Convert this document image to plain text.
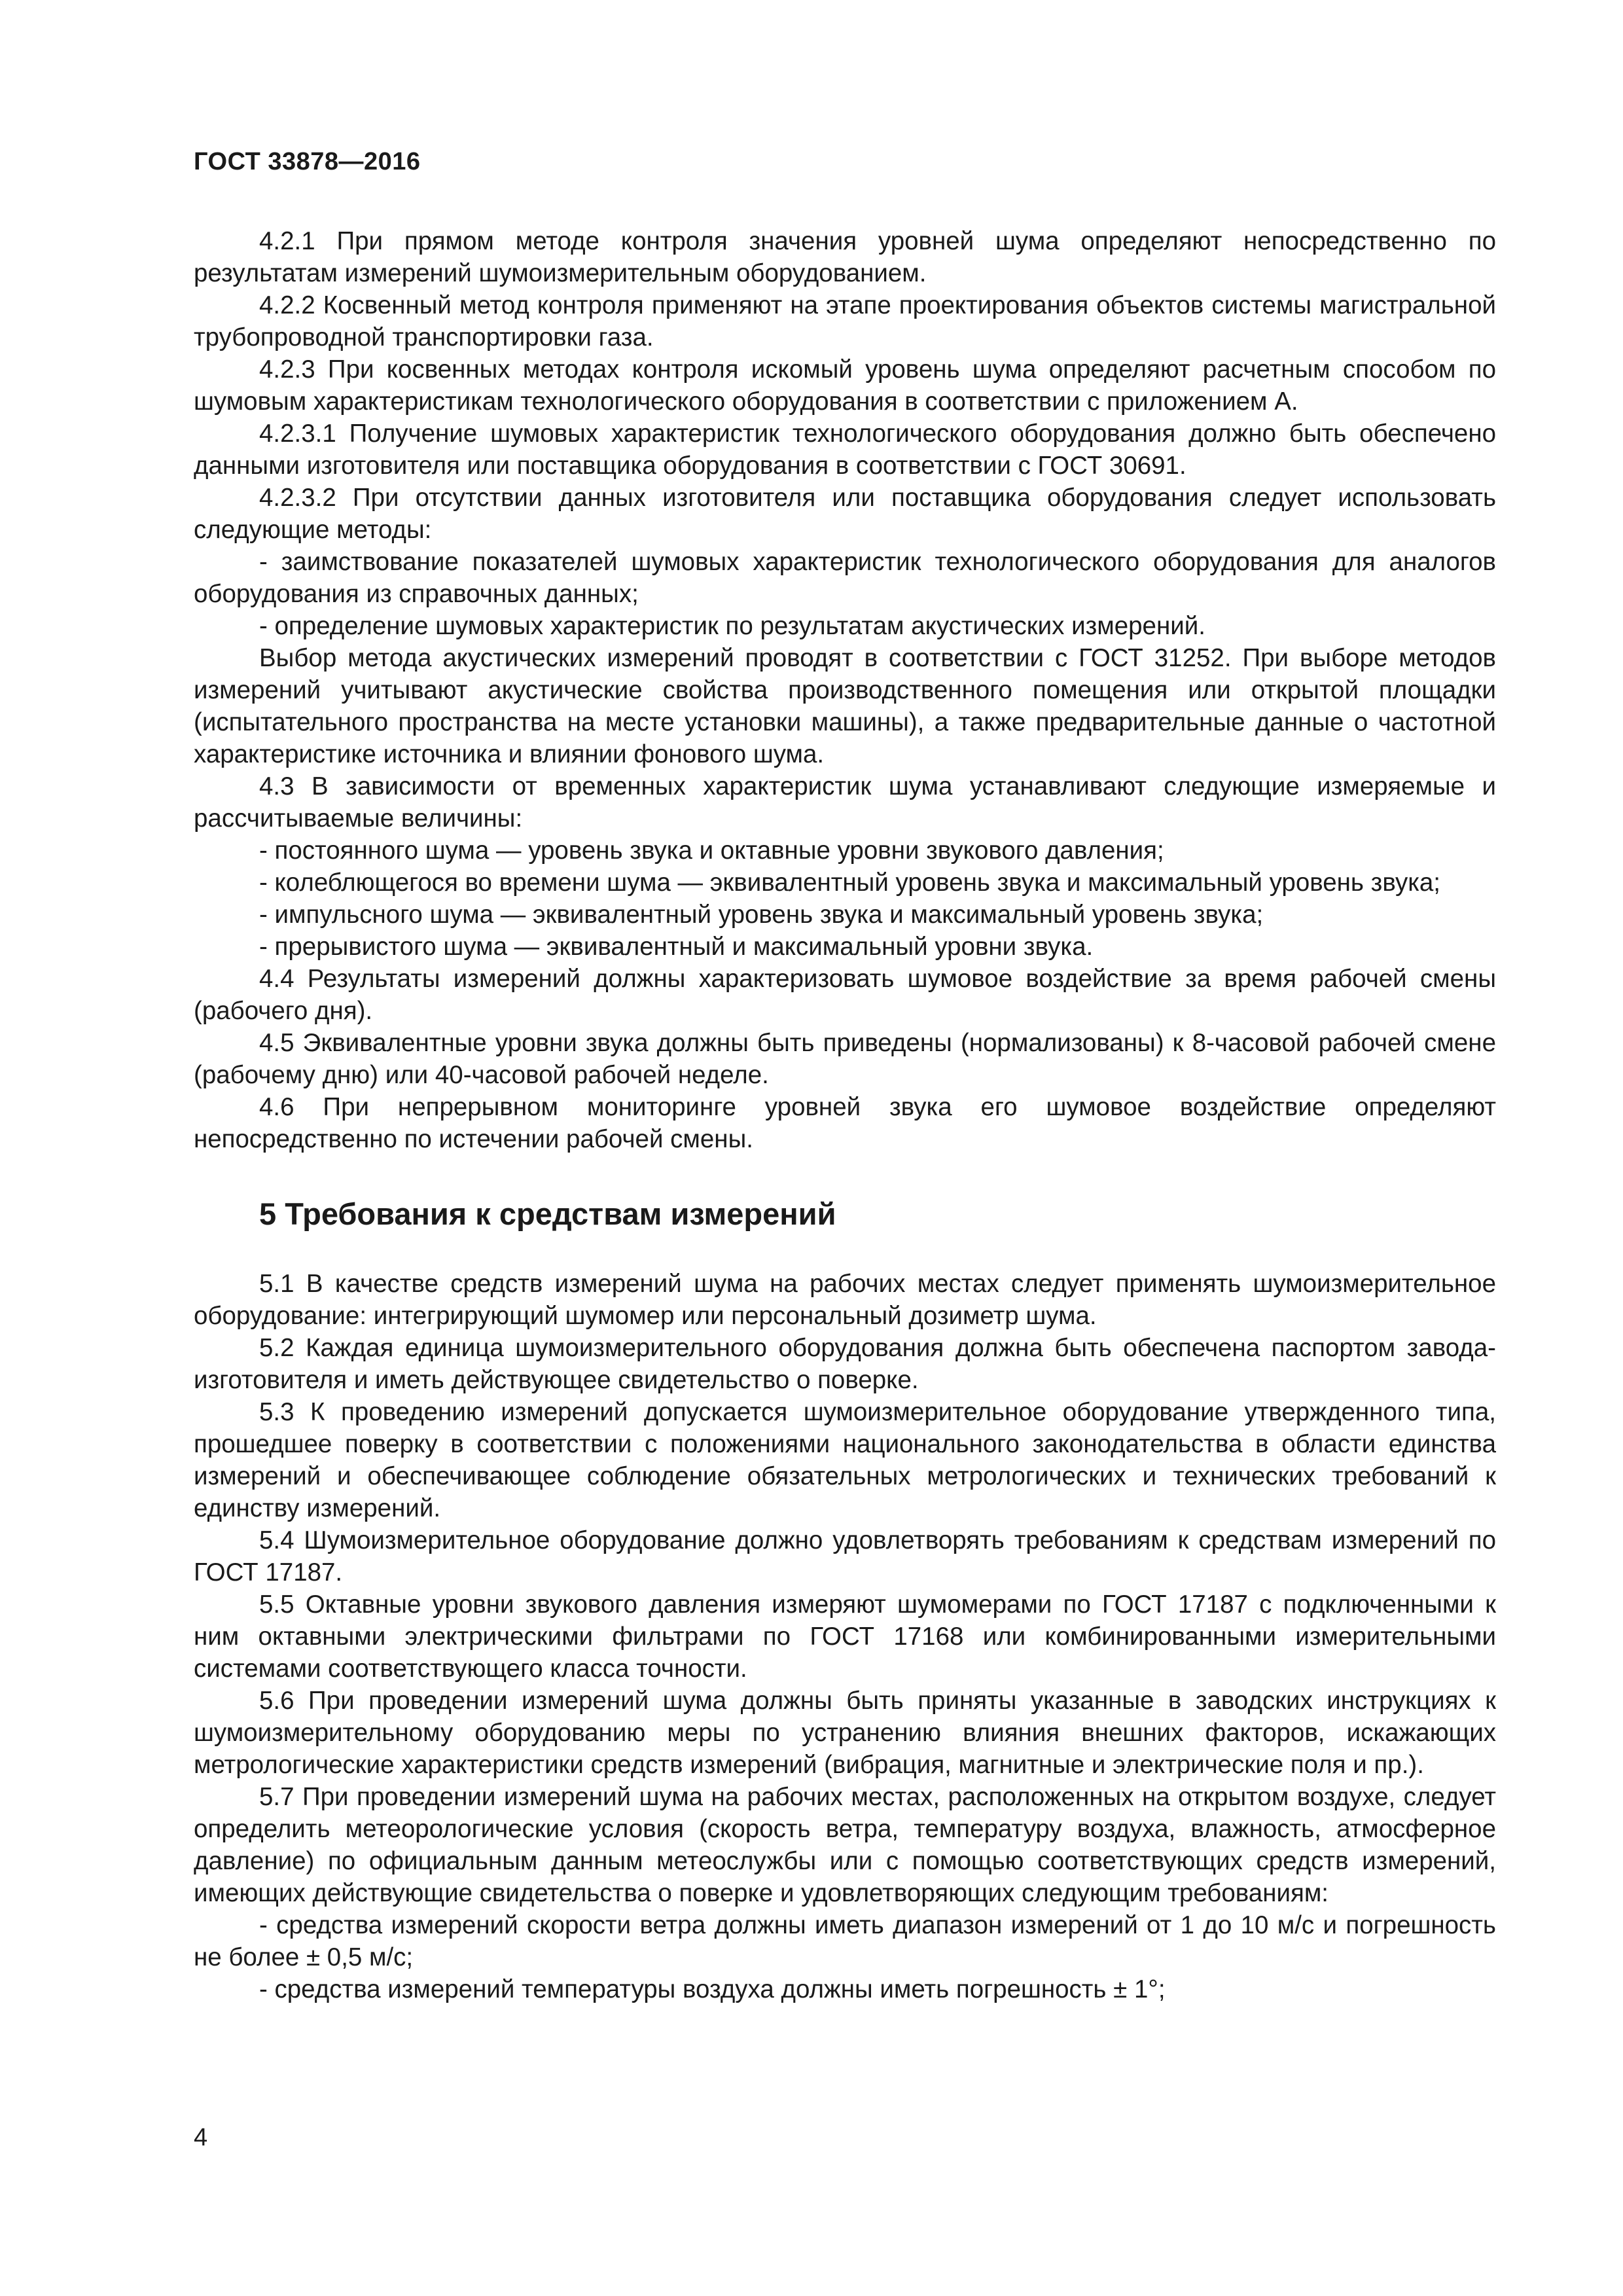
ГОСТ 33878—2016

4.2.1 При прямом методе контроля значения уровней шума определяют непосредственно по результатам измерений шумоизмерительным оборудованием.

4.2.2 Косвенный метод контроля применяют на этапе проектирования объектов системы магистральной трубопроводной транспортировки газа.

4.2.3 При косвенных методах контроля искомый уровень шума определяют расчетным способом по шумовым характеристикам технологического оборудования в соответствии с приложением А.

4.2.3.1 Получение шумовых характеристик технологического оборудования должно быть обеспечено данными изготовителя или поставщика оборудования в соответствии с ГОСТ 30691.

4.2.3.2 При отсутствии данных изготовителя или поставщика оборудования следует использовать следующие методы:

- заимствование показателей шумовых характеристик технологического оборудования для аналогов оборудования из справочных данных;

- определение шумовых характеристик по результатам акустических измерений.

Выбор метода акустических измерений проводят в соответствии с ГОСТ 31252. При выборе методов измерений учитывают акустические свойства производственного помещения или открытой площадки (испытательного пространства на месте установки машины), а также предварительные данные о частотной характеристике источника и влиянии фонового шума.

4.3 В зависимости от временных характеристик шума устанавливают следующие измеряемые и рассчитываемые величины:

- постоянного шума — уровень звука и октавные уровни звукового давления;

- колеблющегося во времени шума — эквивалентный уровень звука и максимальный уровень звука;

- импульсного шума — эквивалентный уровень звука и максимальный уровень звука;

- прерывистого шума — эквивалентный и максимальный уровни звука.

4.4 Результаты измерений должны характеризовать шумовое воздействие за время рабочей смены (рабочего дня).

4.5 Эквивалентные уровни звука должны быть приведены (нормализованы) к 8-часовой рабочей смене (рабочему дню) или 40-часовой рабочей неделе.

4.6 При непрерывном мониторинге уровней звука его шумовое воздействие определяют непосредственно по истечении рабочей смены.

5 Требования к средствам измерений

5.1 В качестве средств измерений шума на рабочих местах следует применять шумоизмерительное оборудование: интегрирующий шумомер или персональный дозиметр шума.

5.2 Каждая единица шумоизмерительного оборудования должна быть обеспечена паспортом завода-изготовителя и иметь действующее свидетельство о поверке.

5.3 К проведению измерений допускается шумоизмерительное оборудование утвержденного типа, прошедшее поверку в соответствии с положениями национального законодательства в области единства измерений и обеспечивающее соблюдение обязательных метрологических и технических требований к единству измерений.

5.4 Шумоизмерительное оборудование должно удовлетворять требованиям к средствам измерений по ГОСТ 17187.

5.5 Октавные уровни звукового давления измеряют шумомерами по ГОСТ 17187 с подключенными к ним октавными электрическими фильтрами по ГОСТ 17168 или комбинированными измерительными системами соответствующего класса точности.

5.6 При проведении измерений шума должны быть приняты указанные в заводских инструкциях к шумоизмерительному оборудованию меры по устранению влияния внешних факторов, искажающих метрологические характеристики средств измерений (вибрация, магнитные и электрические поля и пр.).

5.7 При проведении измерений шума на рабочих местах, расположенных на открытом воздухе, следует определить метеорологические условия (скорость ветра, температуру воздуха, влажность, атмосферное давление) по официальным данным метеослужбы или с помощью соответствующих средств измерений, имеющих действующие свидетельства о поверке и удовлетворяющих следующим требованиям:

- средства измерений скорости ветра должны иметь диапазон измерений от 1 до 10 м/с и погрешность не более ± 0,5 м/с;

- средства измерений температуры воздуха должны иметь погрешность ± 1°;

4
